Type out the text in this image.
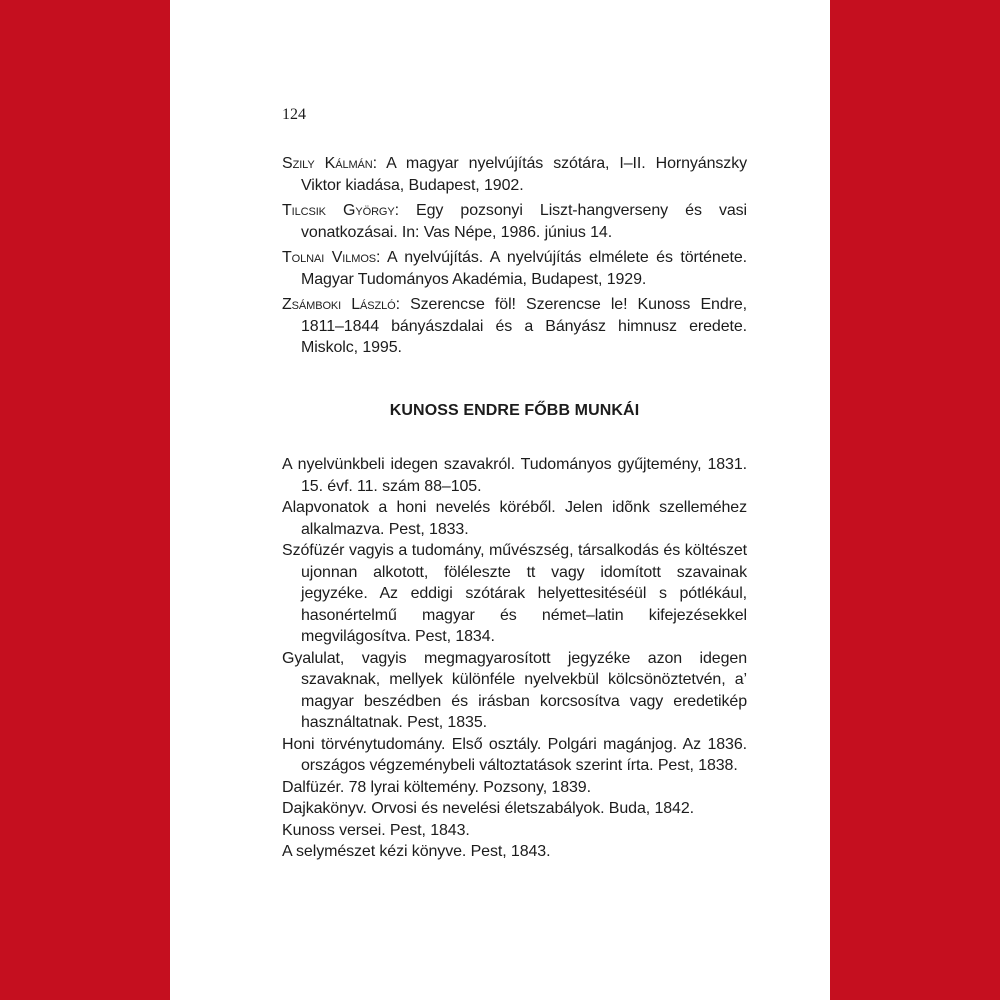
124

Szily Kálmán: A magyar nyelvújítás szótára, I–II. Hornyánszky Viktor kiadása, Budapest, 1902.

Tilcsik György: Egy pozsonyi Liszt-hangverseny és vasi vonatkozásai. In: Vas Népe, 1986. június 14.

Tolnai Vilmos: A nyelvújítás. A nyelvújítás elmélete és története. Magyar Tudományos Akadémia, Budapest, 1929.

Zsámboki László: Szerencse föl! Szerencse le! Kunoss Endre, 1811–1844 bányászdalai és a Bányász himnusz eredete. Miskolc, 1995.

KUNOSS ENDRE FŐBB MUNKÁI

A nyelvünkbeli idegen szavakról. Tudományos gyűjtemény, 1831. 15. évf. 11. szám 88–105.

Alapvonatok a honi nevelés köréből. Jelen idõnk szelleméhez alkalmazva. Pest, 1833.

Szófüzér vagyis a tudomány, művészség, társalkodás és költészet ujonnan alkotott, föléleszte tt vagy idomított szavainak jegyzéke. Az eddigi szótárak helyettesitéséül s pótlékául, hasonértelmű magyar és német–latin kifejezésekkel megvilágosítva. Pest, 1834.

Gyalulat, vagyis megmagyarosított jegyzéke azon idegen szavaknak, mellyek különféle nyelvekbül kölcsönöztetvén, a’ magyar beszédben és irásban korcsosítva vagy eredetikép használtatnak. Pest, 1835.

Honi törvénytudomány. Első osztály. Polgári magánjog. Az 1836. országos végzeménybeli változtatások szerint írta. Pest, 1838.

Dalfüzér. 78 lyrai költemény. Pozsony, 1839.

Dajkakönyv. Orvosi és nevelési életszabályok. Buda, 1842.

Kunoss versei. Pest, 1843.

A selymészet kézi könyve. Pest, 1843.
